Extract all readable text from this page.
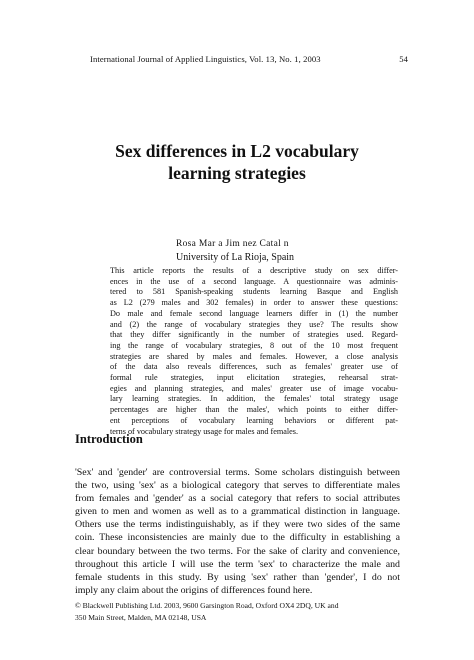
International Journal of Applied Linguistics, Vol. 13, No. 1, 2003	54
Sex differences in L2 vocabulary
learning strategies
Rosa Mar a Jim nez Catal n
University of La Rioja, Spain
This article reports the results of a descriptive study on sex differ-
ences in the use of a second language. A questionnaire was adminis-
tered to 581 Spanish-speaking students learning Basque and English
as L2 (279 males and 302 females) in order to answer these questions:
Do male and female second language learners differ in (1) the number
and (2) the range of vocabulary strategies they use? The results show
that they differ significantly in the number of strategies used. Regard-
ing the range of vocabulary strategies, 8 out of the 10 most frequent
strategies are shared by males and females. However, a close analysis
of the data also reveals differences, such as females' greater use of
formal rule strategies, input elicitation strategies, rehearsal strat-
egies and planning strategies, and males' greater use of image vocabu-
lary learning strategies. In addition, the females' total strategy usage
percentages are higher than the males', which points to either differ-
ent perceptions of vocabulary learning behaviors or different pat-
terns of vocabulary strategy usage for males and females.
Introduction
'Sex' and 'gender' are controversial terms. Some scholars distinguish between
the two, using 'sex' as a biological category that serves to differentiate males
from females and 'gender' as a social category that refers to social attributes
given to men and women as well as to a grammatical distinction in language.
Others use the terms indistinguishably, as if they were two sides of the same
coin. These inconsistencies are mainly due to the difficulty in establishing a
clear boundary between the two terms. For the sake of clarity and convenience,
throughout this article I will use the term 'sex' to characterize the male and
female students in this study. By using 'sex' rather than 'gender', I do not
imply any claim about the origins of differences found here.
© Blackwell Publishing Ltd. 2003, 9600 Garsington Road, Oxford OX4 2DQ, UK and
350 Main Street, Malden, MA 02148, USA
